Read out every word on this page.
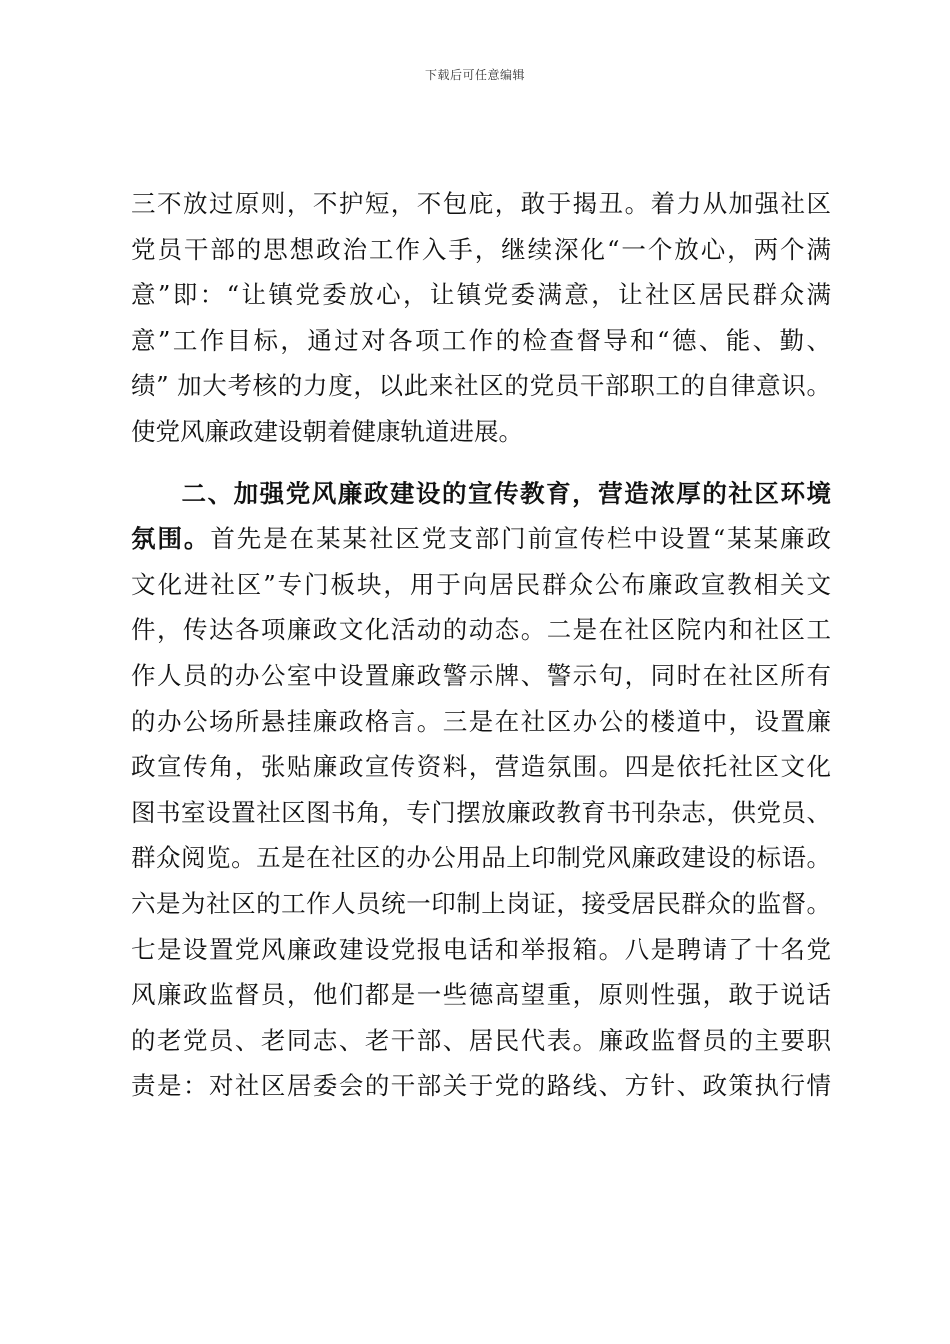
下载后可任意编辑
三不放过原则，不护短，不包庇，敢于揭丑。着力从加强社区
党员干部的思想政治工作入手，继续深化“一个放心，两个满
意”即：“让镇党委放心，让镇党委满意，让社区居民群众满
意”工作目标，通过对各项工作的检查督导和“德、能、勤、
绩” 加大考核的力度，以此来社区的党员干部职工的自律意识。
使党风廉政建设朝着健康轨道进展。
二、加强党风廉政建设的宣传教育，营造浓厚的社区环境
氛围。首先是在某某社区党支部门前宣传栏中设置“某某廉政
文化进社区”专门板块，用于向居民群众公布廉政宣教相关文
件，传达各项廉政文化活动的动态。二是在社区院内和社区工
作人员的办公室中设置廉政警示牌、警示句，同时在社区所有
的办公场所悬挂廉政格言。三是在社区办公的楼道中，设置廉
政宣传角，张贴廉政宣传资料，营造氛围。四是依托社区文化
图书室设置社区图书角，专门摆放廉政教育书刊杂志，供党员、
群众阅览。五是在社区的办公用品上印制党风廉政建设的标语。
六是为社区的工作人员统一印制上岗证，接受居民群众的监督。
七是设置党风廉政建设党报电话和举报箱。八是聘请了十名党
风廉政监督员，他们都是一些德高望重，原则性强，敢于说话
的老党员、老同志、老干部、居民代表。廉政监督员的主要职
责是：对社区居委会的干部关于党的路线、方针、政策执行情
